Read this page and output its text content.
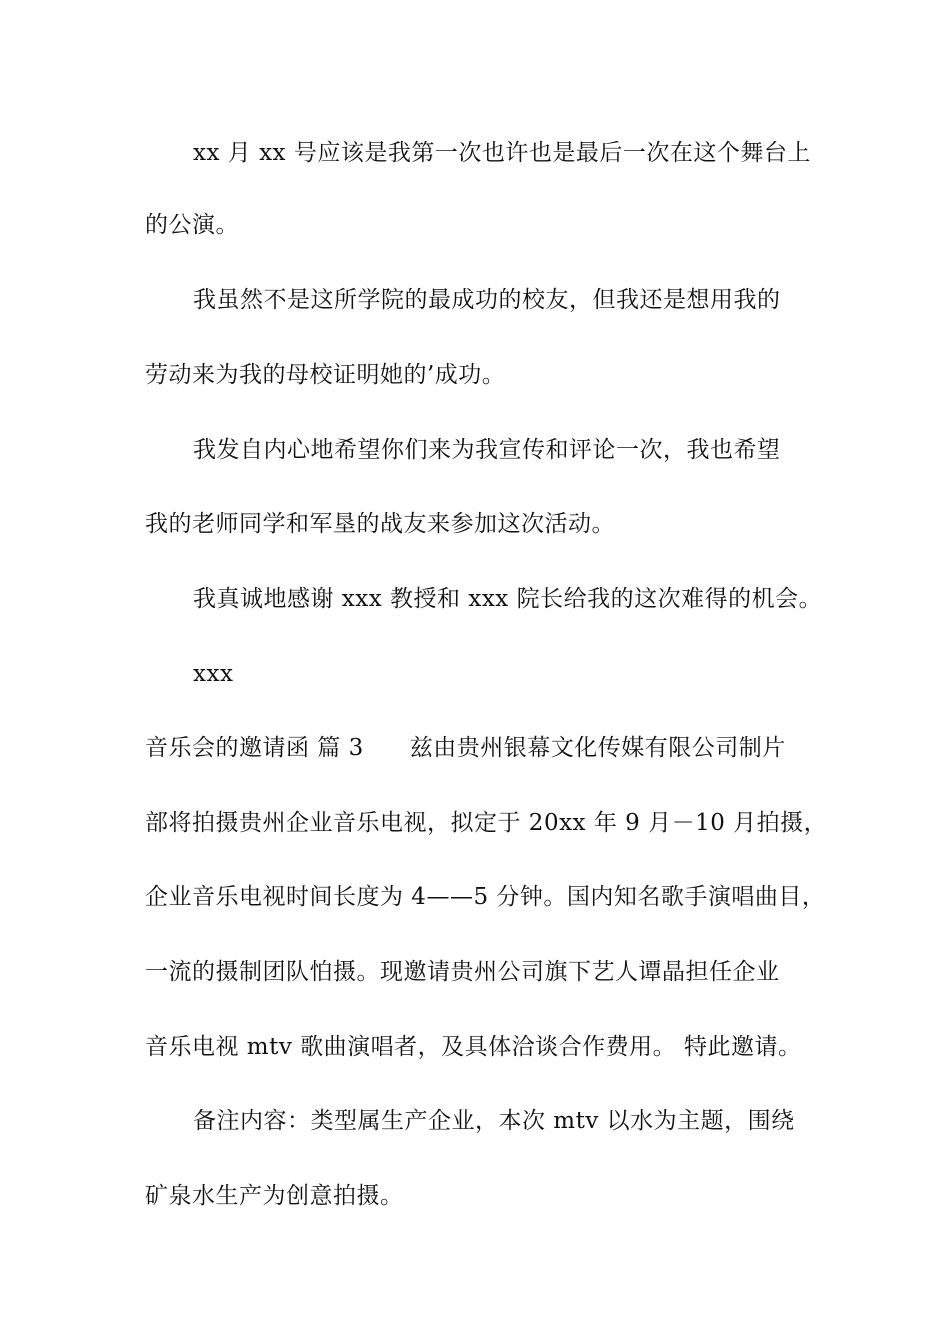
xx 月 xx 号应该是我第一次也许也是最后一次在这个舞台上
的公演。
我虽然不是这所学院的最成功的校友，但我还是想用我的
劳动来为我的母校证明她的’成功。
我发自内心地希望你们来为我宣传和评论一次，我也希望
我的老师同学和军垦的战友来参加这次活动。
我真诚地感谢 xxx 教授和 xxx 院长给我的这次难得的机会。
xxx
音乐会的邀请函 篇 3 兹由贵州银幕文化传媒有限公司制片
部将拍摄贵州企业音乐电视，拟定于 20xx 年 9 月－10 月拍摄，
企业音乐电视时间长度为 4——5 分钟。国内知名歌手演唱曲目，
一流的摄制团队怕摄。现邀请贵州公司旗下艺人谭晶担任企业
音乐电视 mtv 歌曲演唱者，及具体洽谈合作费用。 特此邀请。
备注内容：类型属生产企业，本次 mtv 以水为主题，围绕
矿泉水生产为创意拍摄。
